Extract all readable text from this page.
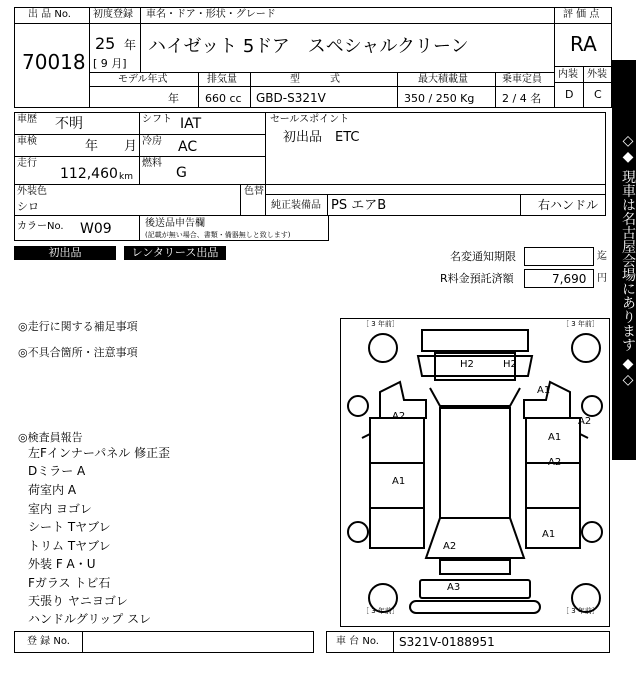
出 品 No.
70018
初度登録 車名・ドア・形状・グレード
25 年
[ 9 月]
ハイゼット 5ドア　スペシャルクリーン
評 価 点
RA
内装 外装
D C
モデル年式	排気量	型　　　式	最大積載量	乗車定員
年 660 cc GBD-S321V	350 / 250 Kg	2 / 4 名
車歴 不明	シフト IAT
車検	年　　月 冷房 AC
走行
112,460 km
燃料
G
セールスポイント
初出品　ETC
外装色
シロ
色替
純正装備品 PS エアB	右ハンドル
カラーNo. W09	後送品申告欄
(記載が無い場合、書類・備器無しと致します)
初出品	レンタリース出品	名変通知期限	迄
R料金預託済額	7,690 円
◎走行に関する補足事項
◎不具合箇所・注意事項
◎検査員報告
左Fインナーパネル 修正歪
Dミラー A
荷室内 A
室内 ヨゴレ
シート Tヤブレ
トリム Tヤブレ
外装 F A・U
Fガラス トビ石
天張り ヤニヨゴレ
ハンドルグリップ スレ
◇◆ 現車は名古屋会場にあります ◆◇
［ 3 年前］	［ 3 年前］
［ 3 年前］	［ 3 年前］
H2	H2
A1
A2
A1
A2
A2
A1
A1
A2
A3
登 録 No.	車 台 No. S321V-0188951
